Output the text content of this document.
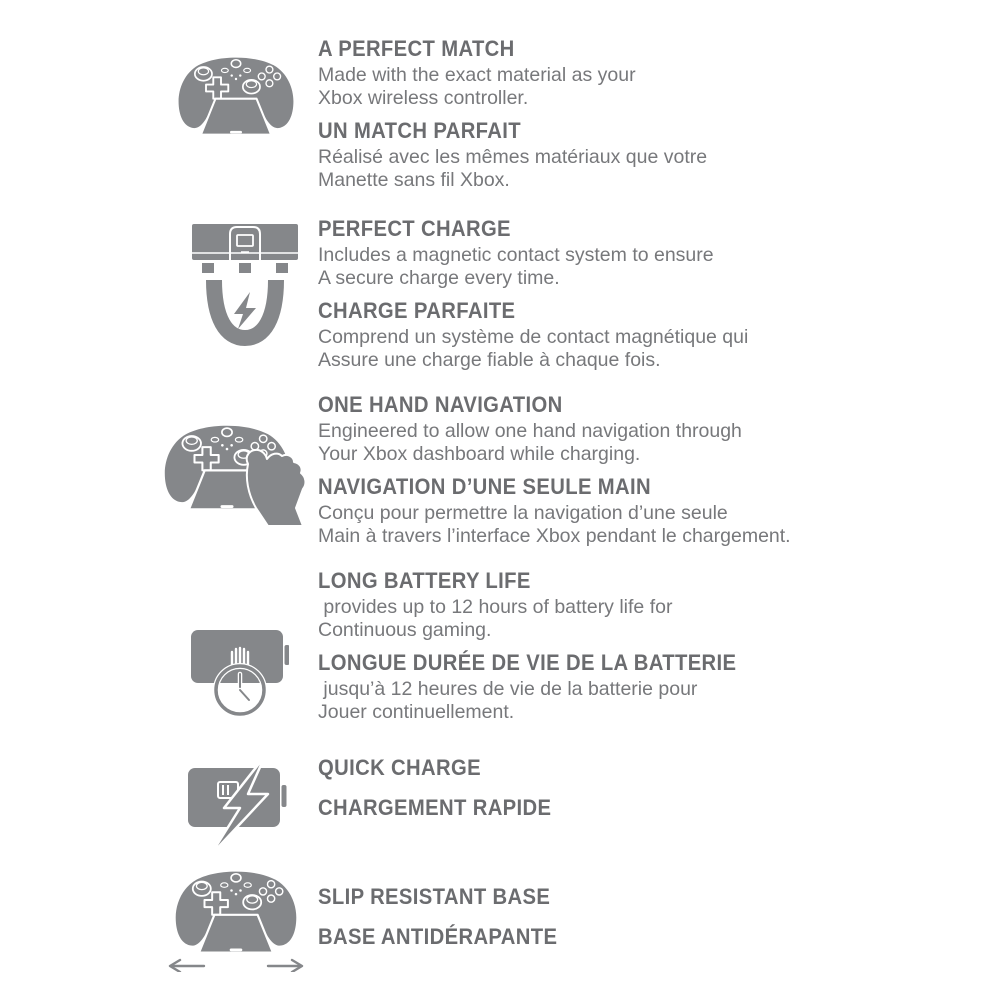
A PERFECT MATCH
Made with the exact material as your
Xbox wireless controller.
UN MATCH PARFAIT
Réalisé avec les mêmes matériaux que votre
Manette sans fil Xbox.
PERFECT CHARGE
Includes a magnetic contact system to ensure
A secure charge every time.
CHARGE PARFAITE
Comprend un système de contact magnétique qui
Assure une charge fiable à chaque fois.
ONE HAND NAVIGATION
Engineered to allow one hand navigation through
Your Xbox dashboard while charging.
NAVIGATION D’UNE SEULE MAIN
Conçu pour permettre la navigation d’une seule
Main à travers l’interface Xbox pendant le chargement.
LONG BATTERY LIFE
provides up to 12 hours of battery life for
Continuous gaming.
LONGUE DURÉE DE VIE DE LA BATTERIE
jusqu’à 12 heures de vie de la batterie pour
Jouer continuellement.
QUICK CHARGE
CHARGEMENT RAPIDE
SLIP RESISTANT BASE
BASE ANTIDÉRAPANTE
